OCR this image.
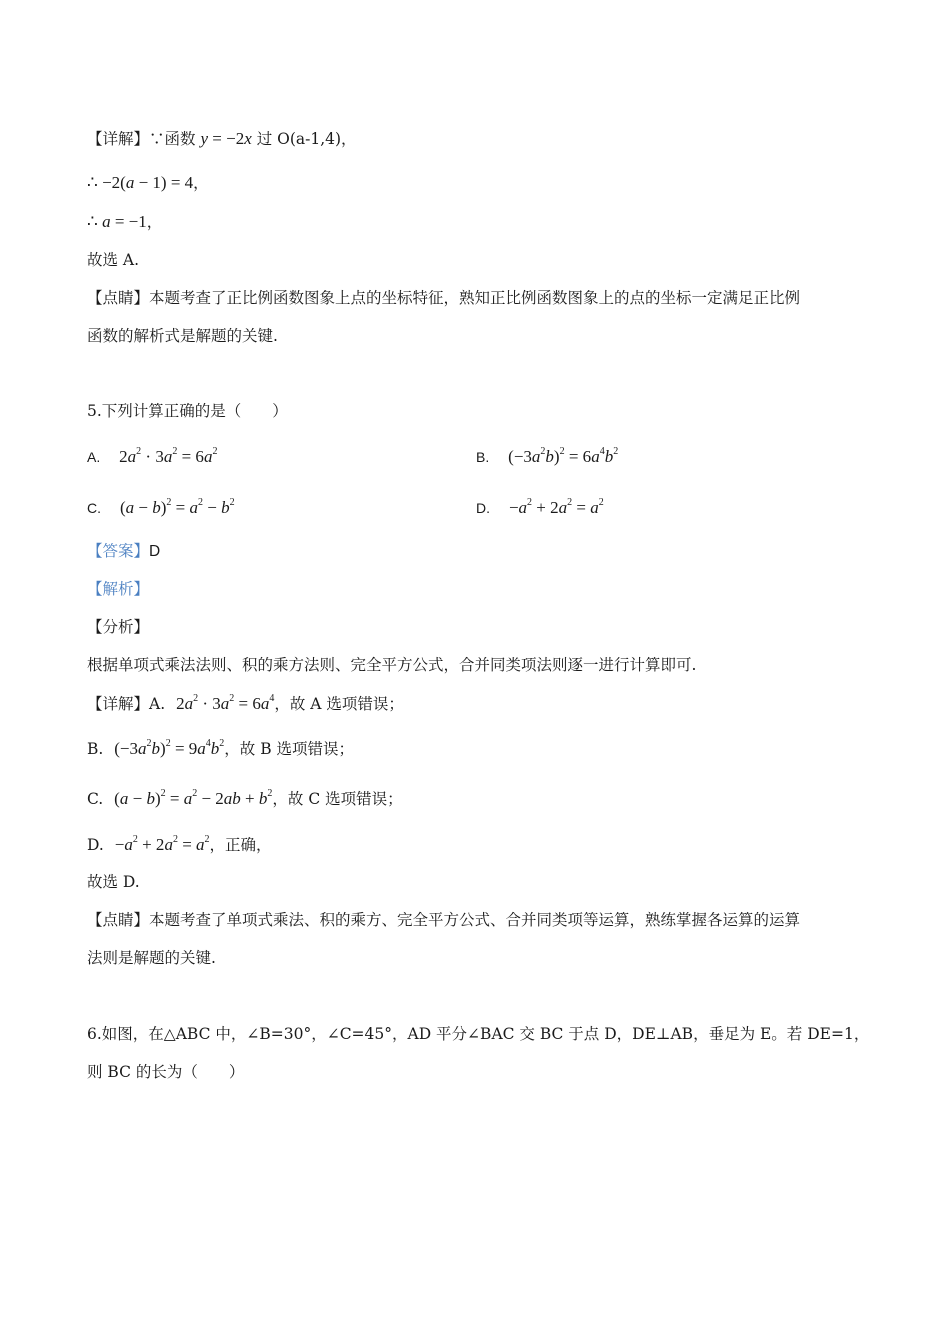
【详解】∵函数 y = −2x 过 O(a-1,4)，
∴ −2(a − 1) = 4，
∴ a = −1，
故选 A.
【点睛】本题考查了正比例函数图象上点的坐标特征，熟知正比例函数图象上的点的坐标一定满足正比例
函数的解析式是解题的关键.
5.下列计算正确的是（　　）
A. $2a^2 \cdot 3a^2 = 6a^2$	B. $(-3a^2b)^2 = 6a^4b^2$
C. $(a - b)^2 = a^2 - b^2$	D. $-a^2 + 2a^2 = a^2$
【答案】D
【解析】
【分析】
根据单项式乘法法则、积的乘方法则、完全平方公式，合并同类项法则逐一进行计算即可.
【详解】A. $2a^2 \cdot 3a^2 = 6a^4$，故 A 选项错误；
B. $(-3a^2b)^2 = 9a^4b^2$，故 B 选项错误；
C. $(a - b)^2 = a^2 - 2ab + b^2$，故 C 选项错误；
D. $-a^2 + 2a^2 = a^2$，正确，
故选 D.
【点睛】本题考查了单项式乘法、积的乘方、完全平方公式、合并同类项等运算，熟练掌握各运算的运算
法则是解题的关键.
6.如图，在△ABC 中，∠B=30°，∠C=45°，AD 平分∠BAC 交 BC 于点 D，DE⊥AB，垂足为 E。若 DE=1，
则 BC 的长为（　　）
